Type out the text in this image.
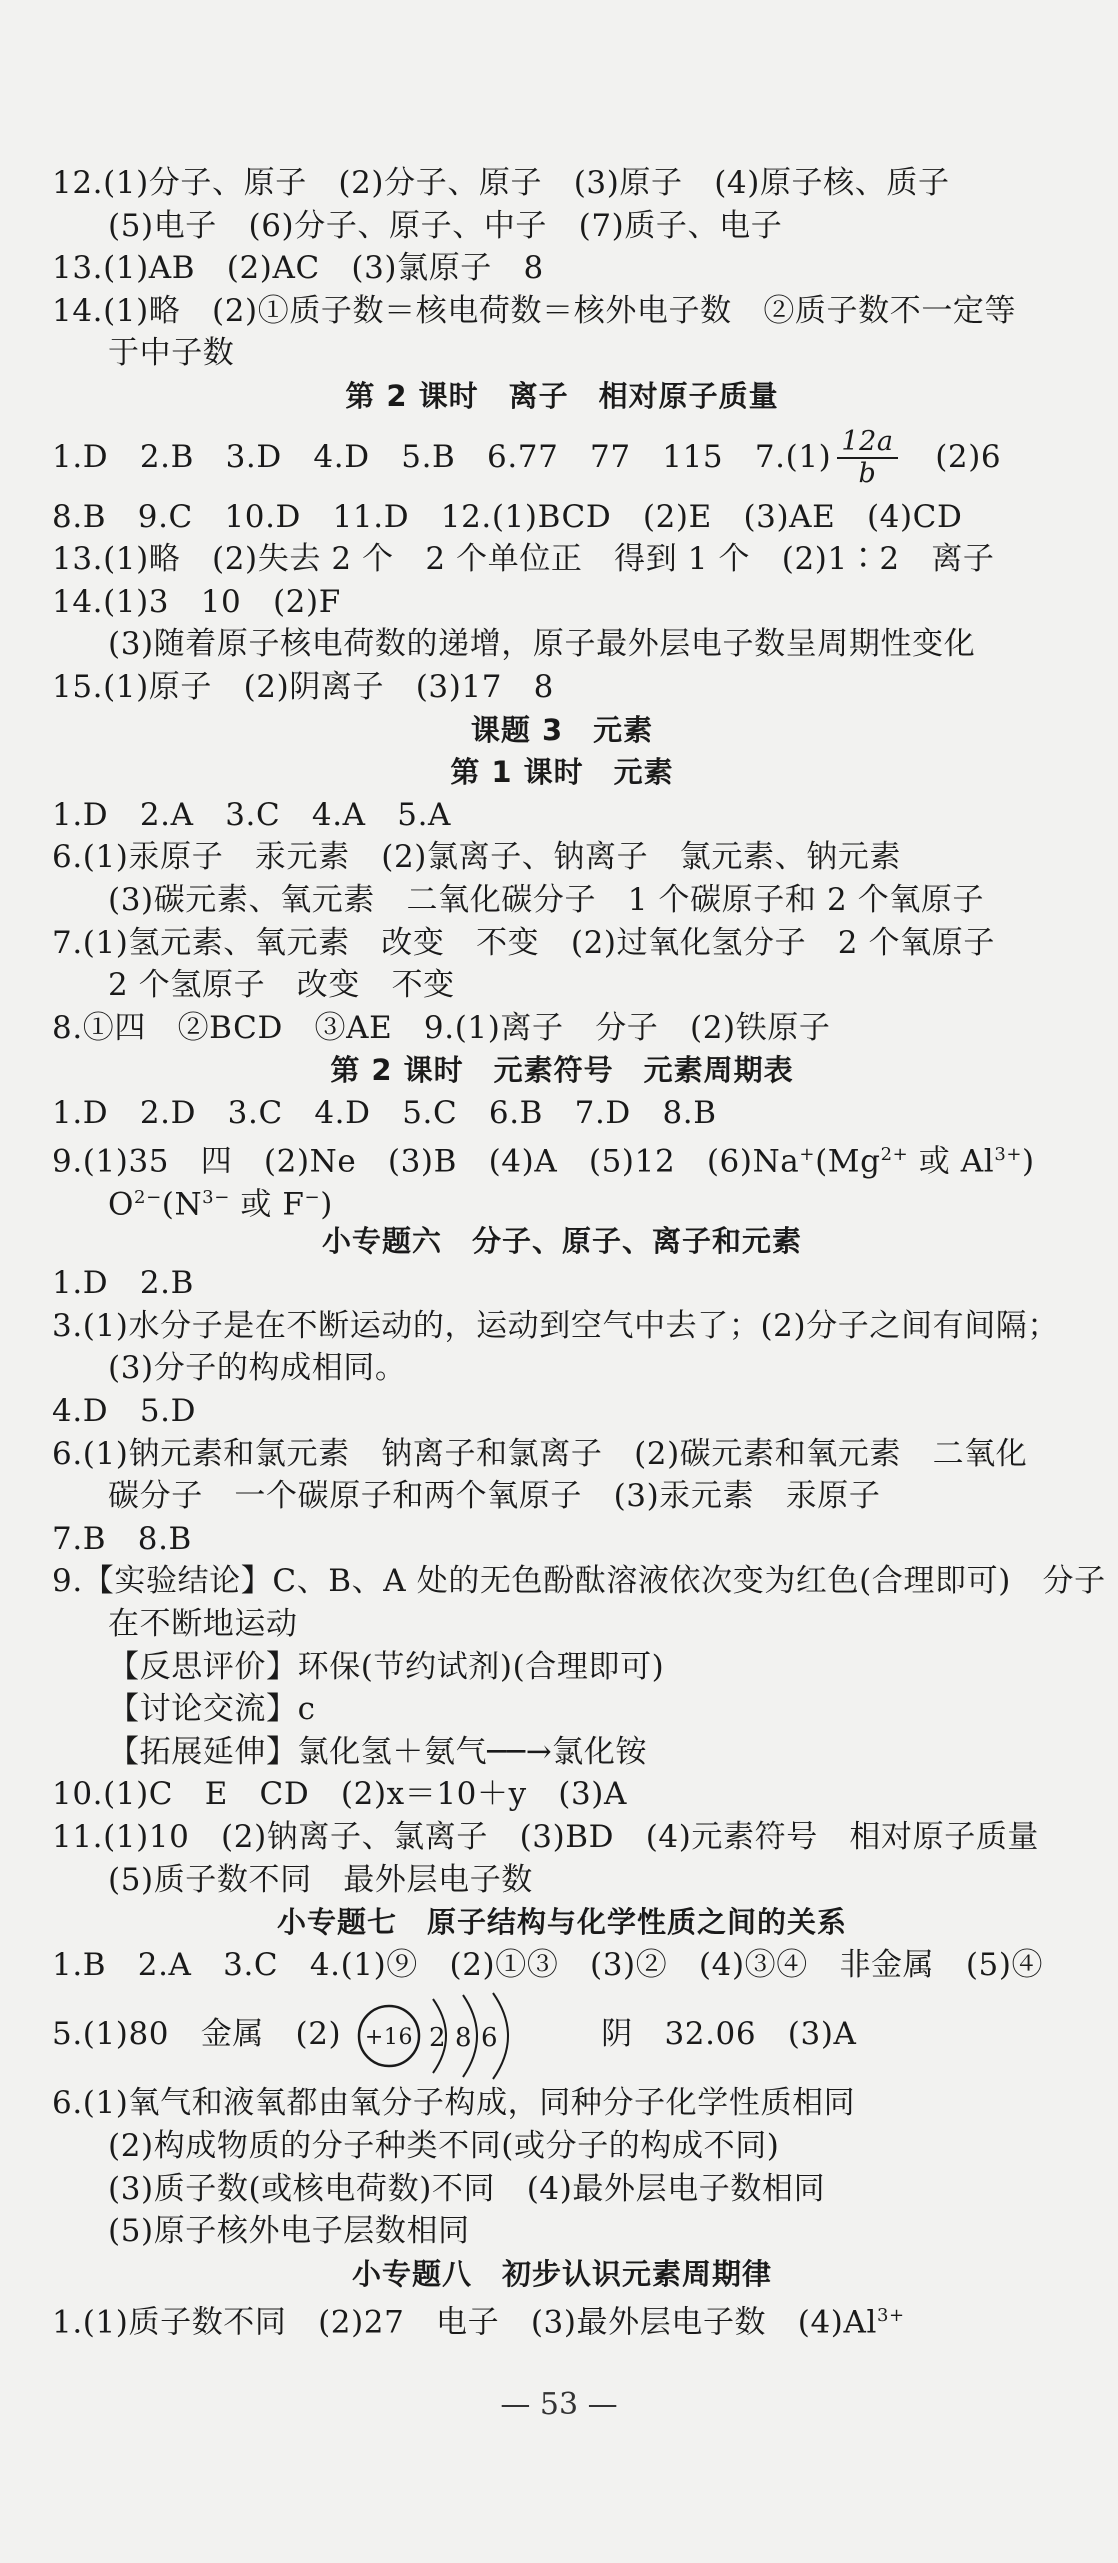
12.(1)分子、原子　(2)分子、原子　(3)原子　(4)原子核、质子
(5)电子　(6)分子、原子、中子　(7)质子、电子
13.(1)AB　(2)AC　(3)氯原子　8
14.(1)略　(2)①质子数＝核电荷数＝核外电子数　②质子数不一定等
于中子数
第 2 课时　离子　相对原子质量
1.D　2.B　3.D　4.D　5.B　6.77　77　115　$7.(1) \frac{12a}{b}$ 　(2)6
8.B　9.C　10.D　11.D　12.(1)BCD　(2)E　(3)AE　(4)CD
13.(1)略　(2)失去 2 个　2 个单位正　得到 1 个　(2)1∶2　离子
14.(1)3　10　(2)F
(3)随着原子核电荷数的递增，原子最外层电子数呈周期性变化
15.(1)原子　(2)阴离子　(3)17　8
课题 3　元素
第 1 课时　元素
1.D　2.A　3.C　4.A　5.A
6.(1)汞原子　汞元素　(2)氯离子、钠离子　氯元素、钠元素
(3)碳元素、氧元素　二氧化碳分子　1 个碳原子和 2 个氧原子
7.(1)氢元素、氧元素　改变　不变　(2)过氧化氢分子　2 个氧原子
2 个氢原子　改变　不变
8.①四　②BCD　③AE　9.(1)离子　分子　(2)铁原子
第 2 课时　元素符号　元素周期表
1.D　2.D　3.C　4.D　5.C　6.B　7.D　8.B
9.(1)35　四　(2)Ne　(3)B　(4)A　(5)12　$(6)Na^+(Mg^{2+}$ 或 $Al^{3+}$)
$O^{2-}(N^{3-}$ 或 F−)
小专题六　分子、原子、离子和元素
1.D　2.B
3.(1)水分子是在不断运动的，运动到空气中去了；(2)分子之间有间隔；
(3)分子的构成相同。
4.D　5.D
6.(1)钠元素和氯元素　钠离子和氯离子　(2)碳元素和氧元素　二氧化
碳分子　一个碳原子和两个氧原子　(3)汞元素　汞原子
7.B　8.B
9.【实验结论】C、B、A 处的无色酚酞溶液依次变为红色(合理即可)　分子
在不断地运动
【反思评价】环保(节约试剂)(合理即可)
【讨论交流】c
【拓展延伸】氯化氢＋氨气──→氯化铵
10.(1)C　E　CD　(2)x＝10＋y　(3)A
11.(1)10　(2)钠离子、氯离子　(3)BD　(4)元素符号　相对原子质量
(5)质子数不同　最外层电子数
小专题七　原子结构与化学性质之间的关系
1.B　2.A　3.C　4.(1)⑨　(2)①③　(3)②　(4)③④　非金属　(5)④
5.(1)80　金属　(2) +16 2 8 6	阴　32.06　(3)A
6.(1)氧气和液氧都由氧分子构成，同种分子化学性质相同
(2)构成物质的分子种类不同(或分子的构成不同)
(3)质子数(或核电荷数)不同　(4)最外层电子数相同
(5)原子核外电子层数相同
小专题八　初步认识元素周期律
1.(1)质子数不同　(2)27　电子　(3)最外层电子数　$(4)Al^{3+}$
— 53 —
